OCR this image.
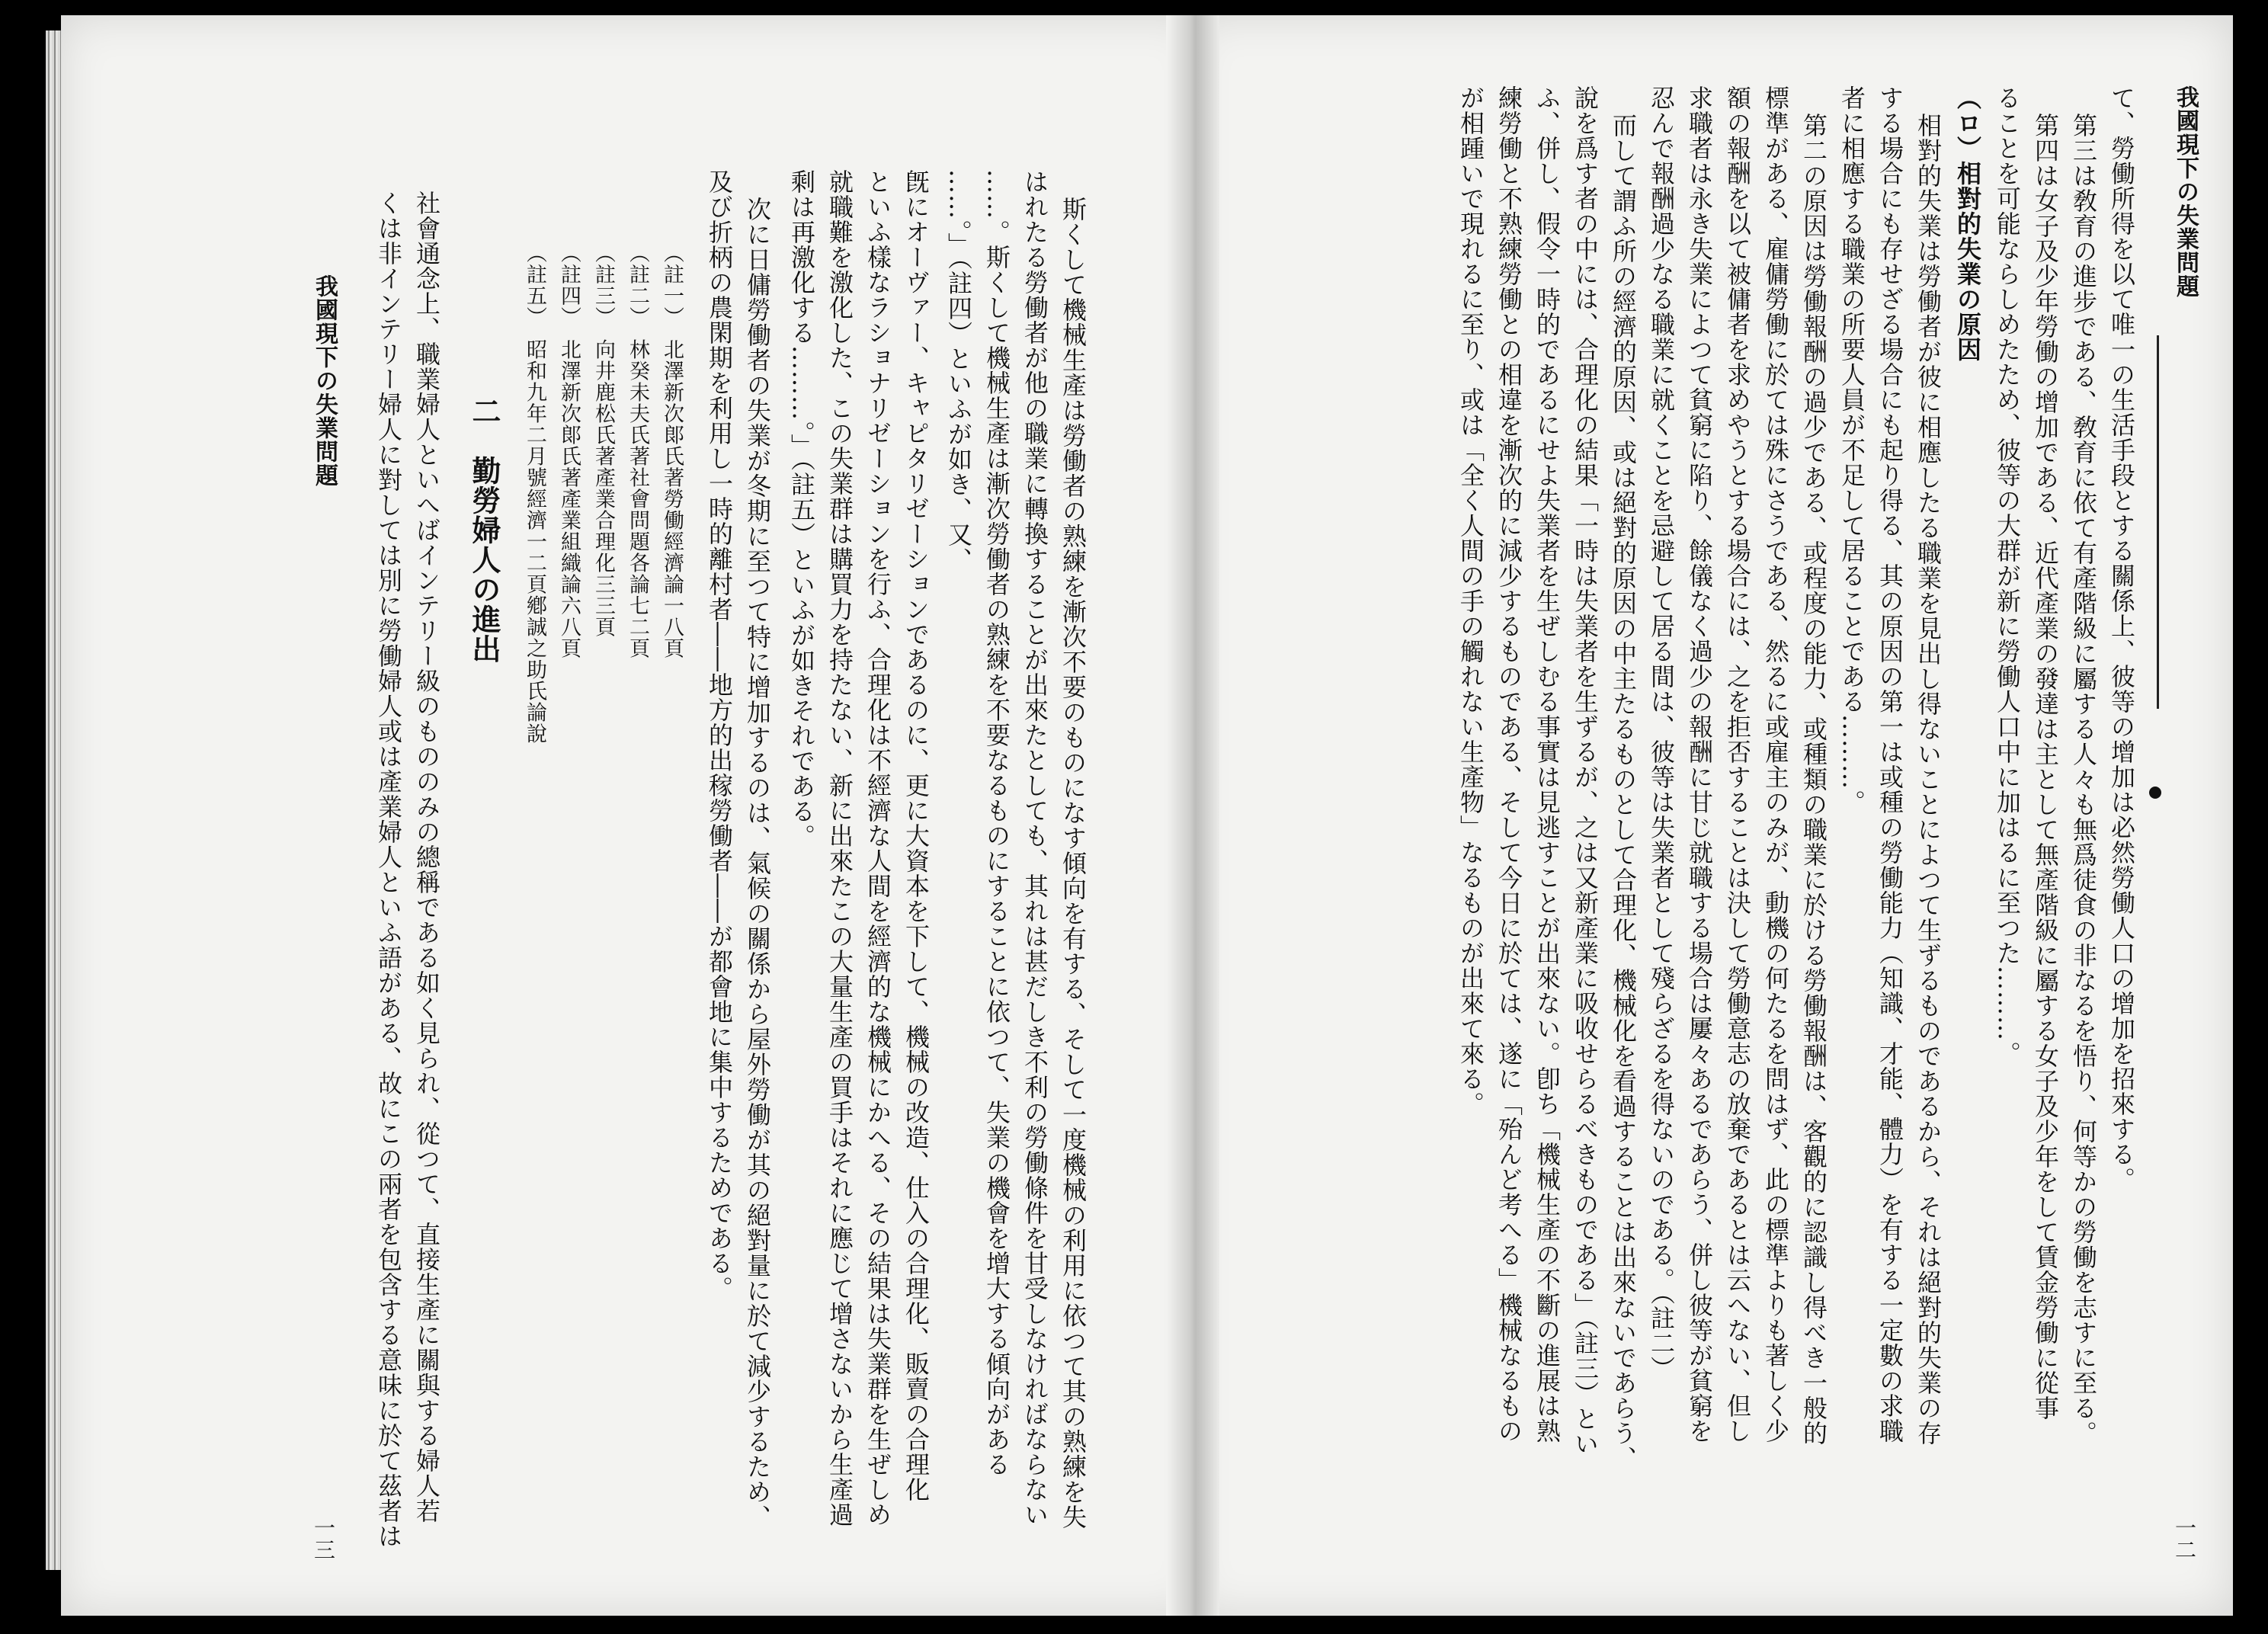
我國現下の失業問題
一二
て、勞働所得を以て唯一の生活手段とする關係上、彼等の增加は必然勞働人口の增加を招來する。
第三は敎育の進步である、敎育に依て有產階級に屬する人々も無爲徒食の非なるを悟り、何等かの勞働を志すに至る。
第四は女子及少年勞働の增加である、近代產業の發達は主として無產階級に屬する女子及少年をして賃金勞働に從事
ることを可能ならしめたため、彼等の大群が新に勞働人口中に加はるに至つた………。
（ロ）相對的失業の原因
相對的失業は勞働者が彼に相應したる職業を見出し得ないことによつて生ずるものであるから、それは絕對的失業の存
する場合にも存せざる場合にも起り得る、其の原因の第一は或種の勞働能力（知識、才能、體力）を有する一定數の求職
者に相應する職業の所要人員が不足して居ることである………。
第二の原因は勞働報酬の過少である、或程度の能力、或種類の職業に於ける勞働報酬は、客觀的に認識し得べき一般的
標準がある、雇傭勞働に於ては殊にさうである、然るに或雇主のみが、動機の何たるを問はず、此の標準よりも著しく少
額の報酬を以て被傭者を求めやうとする場合には、之を拒否することは決して勞働意志の放棄であるとは云へない、但し
求職者は永き失業によつて貧窮に陷り、餘儀なく過少の報酬に甘じ就職する場合は屢々あるであらう、併し彼等が貧窮を
忍んで報酬過少なる職業に就くことを忌避して居る間は、彼等は失業者として殘らざるを得ないのである。（註二）
而して謂ふ所の經濟的原因、或は絕對的原因の中主たるものとして合理化、機械化を看過することは出來ないであらう、
說を爲す者の中には、合理化の結果「一時は失業者を生ずるが、之は又新產業に吸收せらるべきものである」（註三）とい
ふ、併し、假令一時的であるにせよ失業者を生ぜしむる事實は見逃すことが出來ない。卽ち「機械生產の不斷の進展は熟
練勞働と不熟練勞働との相違を漸次的に減少するものである、そして今日に於ては、遂に「殆んど考へる」機械なるもの
が相踵いで現れるに至り、或は「全く人間の手の觸れない生產物」なるものが出來て來る。
斯くして機械生產は勞働者の熟練を漸次不要のものになす傾向を有する、そして一度機械の利用に依つて其の熟練を失
はれたる勞働者が他の職業に轉換することが出來たとしても、其れは甚だしき不利の勞働條件を甘受しなければならない
……。斯くして機械生產は漸次勞働者の熟練を不要なるものにすることに依つて、失業の機會を增大する傾向がある
……。」（註四）といふが如き、又、
旣にオーヴァー、キャピタリゼーションであるのに、更に大資本を下して、機械の改造、仕入の合理化、販賣の合理化
といふ樣なラショナリゼーションを行ふ、合理化は不經濟な人間を經濟的な機械にかへる、その結果は失業群を生ぜしめ
就職難を激化した、この失業群は購買力を持たない、新に出來たこの大量生產の買手はそれに應じて增さないから生產過
剩は再激化する………。」（註五）といふが如きそれである。
次に日傭勞働者の失業が冬期に至つて特に增加するのは、氣候の關係から屋外勞働が其の絕對量に於て減少するため、
及び折柄の農閑期を利用し一時的離村者――地方的出稼勞働者――が都會地に集中するためである。
（註一）　北澤新次郞氏著勞働經濟論一八頁
（註二）　林癸未夫氏著社會問題各論七二頁
（註三）　向井鹿松氏著產業合理化三三頁
（註四）　北澤新次郞氏著產業組織論六八頁
（註五）　昭和九年二月號經濟一二頁鄕誠之助氏論說
二　勤勞婦人の進出
社會通念上、職業婦人といへばインテリー級のもののみの總稱である如く見られ、從つて、直接生產に關與する婦人若
くは非インテリー婦人に對しては別に勞働婦人或は產業婦人といふ語がある、故にこの兩者を包含する意味に於て茲者は
我國現下の失業問題
一三
